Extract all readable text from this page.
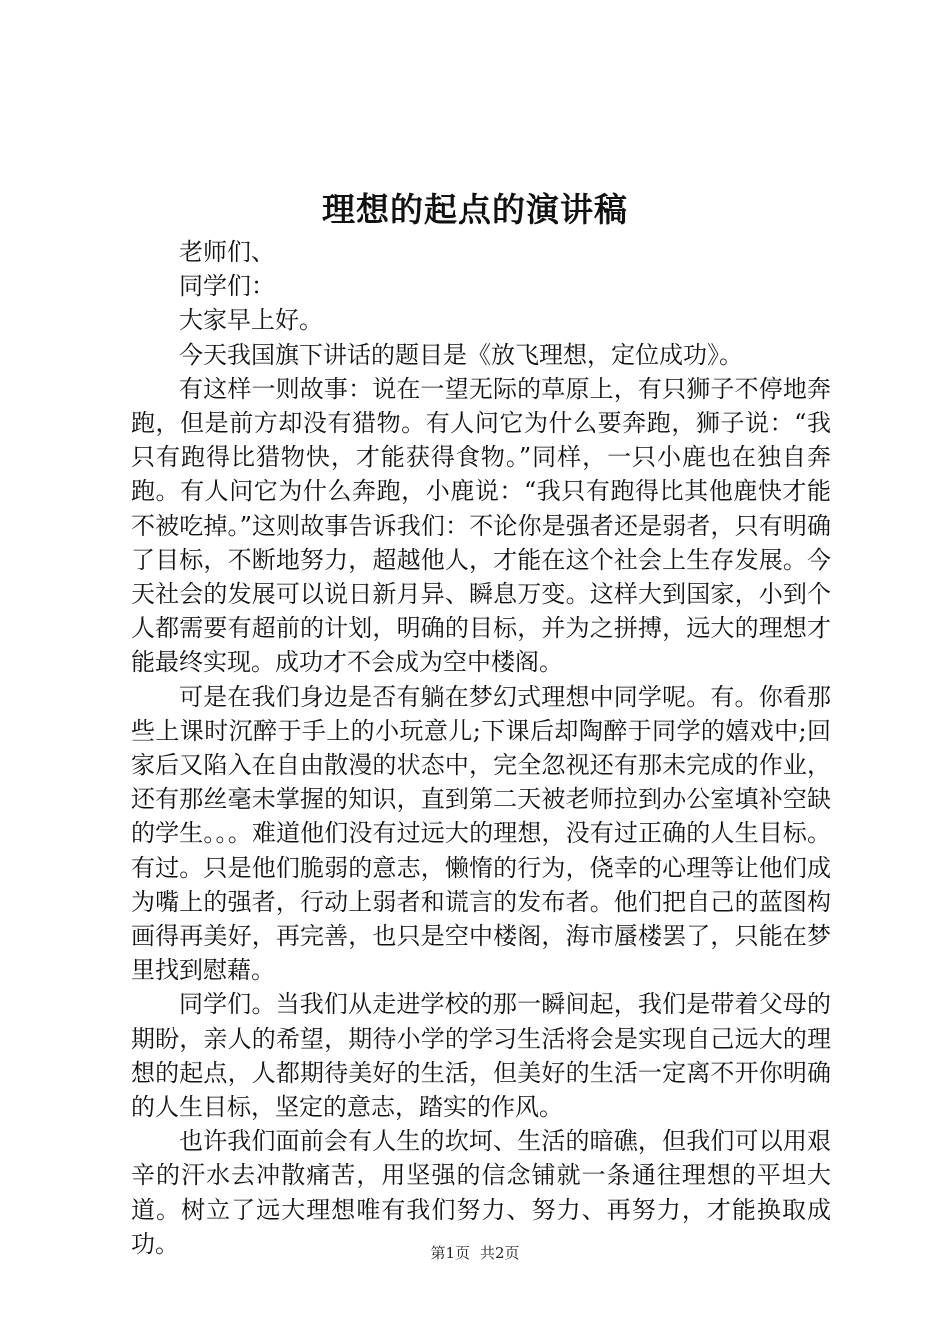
理想的起点的演讲稿

老师们、

同学们：

大家早上好。

今天我国旗下讲话的题目是《放飞理想，定位成功》。

有这样一则故事：说在一望无际的草原上，有只狮子不停地奔跑，但是前方却没有猎物。有人问它为什么要奔跑，狮子说：“我只有跑得比猎物快，才能获得食物。”同样，一只小鹿也在独自奔跑。有人问它为什么奔跑，小鹿说：“我只有跑得比其他鹿快才能不被吃掉。”这则故事告诉我们：不论你是强者还是弱者，只有明确了目标，不断地努力，超越他人，才能在这个社会上生存发展。今天社会的发展可以说日新月异、瞬息万变。这样大到国家，小到个人都需要有超前的计划，明确的目标，并为之拼搏，远大的理想才能最终实现。成功才不会成为空中楼阁。

可是在我们身边是否有躺在梦幻式理想中同学呢。有。你看那些上课时沉醉于手上的小玩意儿;下课后却陶醉于同学的嬉戏中;回家后又陷入在自由散漫的状态中，完全忽视还有那未完成的作业，还有那丝毫未掌握的知识，直到第二天被老师拉到办公室填补空缺的学生。。。难道他们没有过远大的理想，没有过正确的人生目标。有过。只是他们脆弱的意志，懒惰的行为，侥幸的心理等让他们成为嘴上的强者，行动上弱者和谎言的发布者。他们把自己的蓝图构画得再美好，再完善，也只是空中楼阁，海市蜃楼罢了，只能在梦里找到慰藉。

同学们。当我们从走进学校的那一瞬间起，我们是带着父母的期盼，亲人的希望，期待小学的学习生活将会是实现自己远大的理想的起点，人都期待美好的生活，但美好的生活一定离不开你明确的人生目标，坚定的意志，踏实的作风。

也许我们面前会有人生的坎坷、生活的暗礁，但我们可以用艰辛的汗水去冲散痛苦，用坚强的信念铺就一条通往理想的平坦大道。树立了远大理想唯有我们努力、努力、再努力，才能换取成功。	第1页 共2页
